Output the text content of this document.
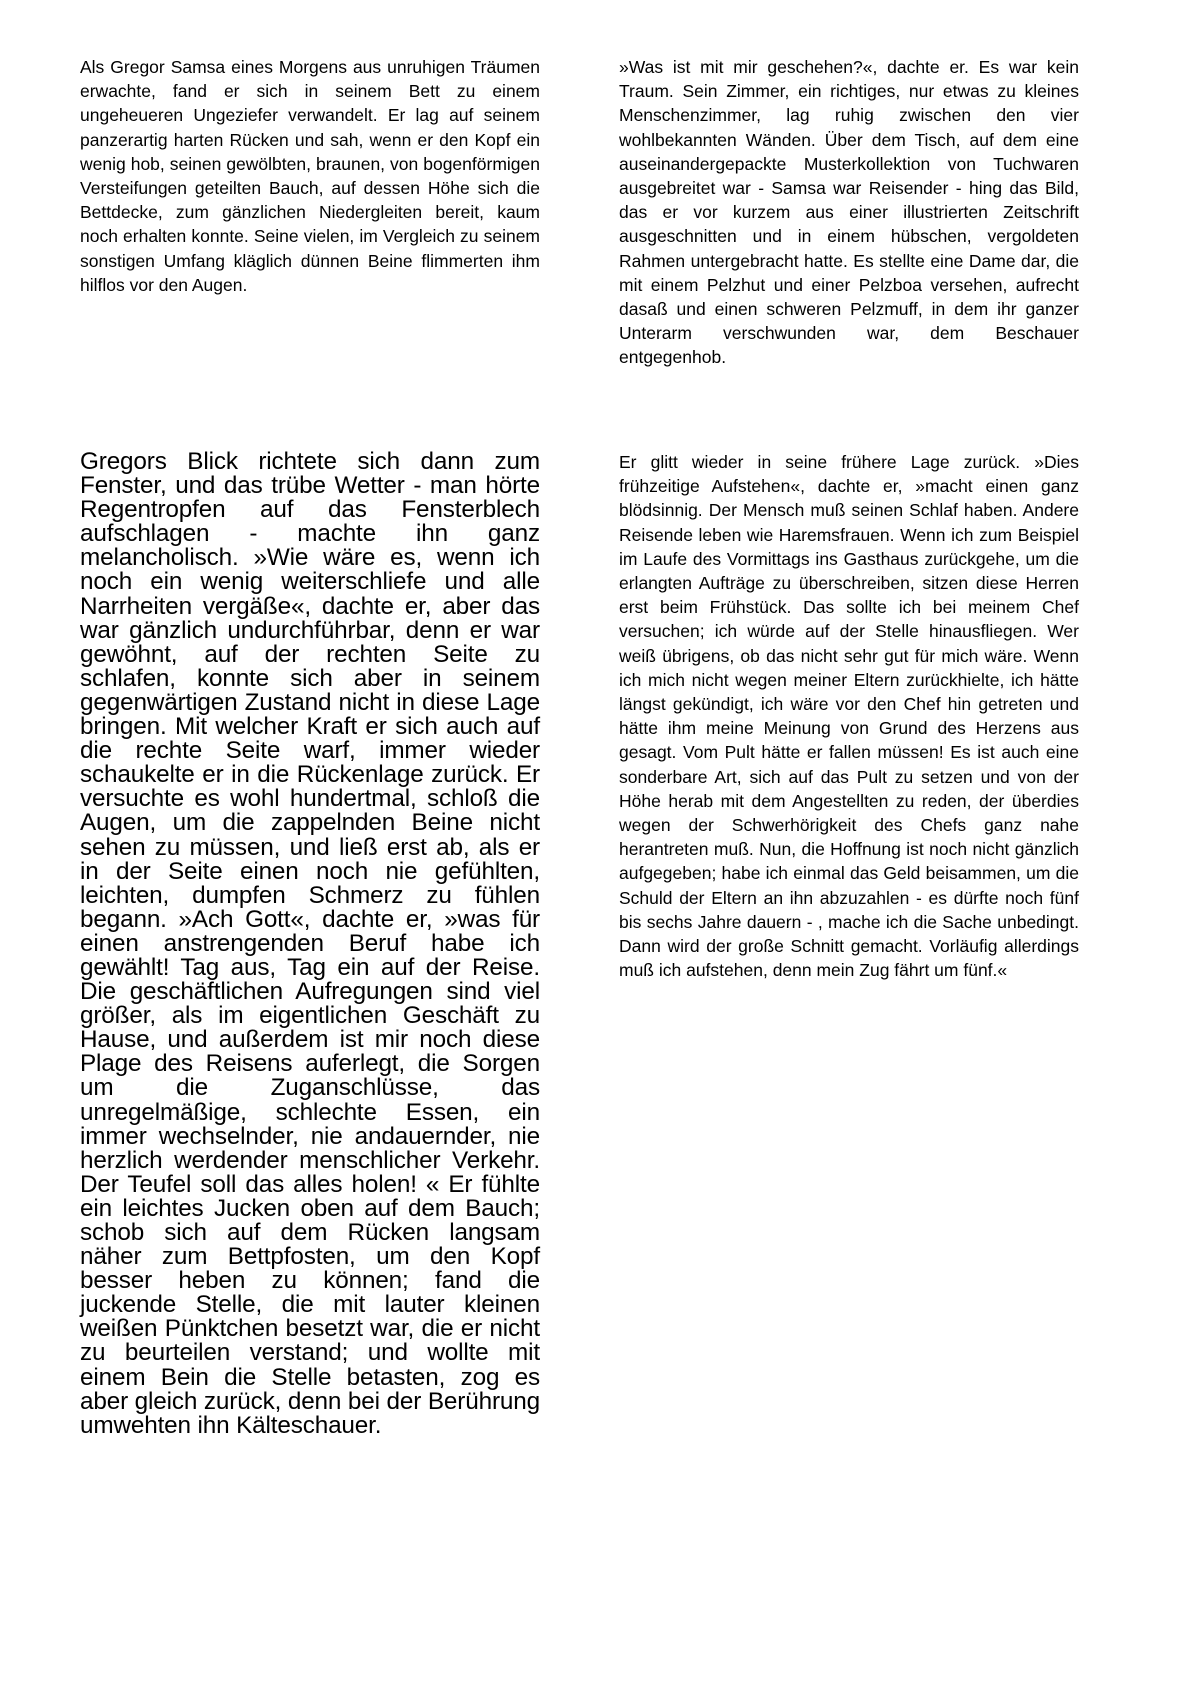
Als Gregor Samsa eines Morgens aus unruhigen Träumen erwachte, fand er sich in seinem Bett zu einem ungeheueren Ungeziefer verwandelt. Er lag auf seinem panzerartig harten Rücken und sah, wenn er den Kopf ein wenig hob, seinen gewölbten, braunen, von bogenförmigen Versteifungen geteilten Bauch, auf dessen Höhe sich die Bettdecke, zum gänzlichen Niedergleiten bereit, kaum noch erhalten konnte. Seine vielen, im Vergleich zu seinem sonstigen Umfang kläglich dünnen Beine flimmerten ihm hilflos vor den Augen.

»Was ist mit mir geschehen?«, dachte er. Es war kein Traum. Sein Zimmer, ein richtiges, nur etwas zu kleines Menschenzimmer, lag ruhig zwischen den vier wohlbekannten Wänden. Über dem Tisch, auf dem eine auseinandergepackte Musterkollektion von Tuchwaren ausgebreitet war - Samsa war Reisender - hing das Bild, das er vor kurzem aus einer illustrierten Zeitschrift ausgeschnitten und in einem hübschen, vergoldeten Rahmen untergebracht hatte. Es stellte eine Dame dar, die mit einem Pelzhut und einer Pelzboa versehen, aufrecht dasaß und einen schweren Pelzmuff, in dem ihr ganzer Unterarm verschwunden war, dem Beschauer entgegenhob.

Gregors Blick richtete sich dann zum Fenster, und das trübe Wetter - man hörte Regentropfen auf das Fensterblech aufschlagen - machte ihn ganz melancholisch. »Wie wäre es, wenn ich noch ein wenig weiterschliefe und alle Narrheiten vergäße«, dachte er, aber das war gänzlich undurchführbar, denn er war gewöhnt, auf der rechten Seite zu schlafen, konnte sich aber in seinem gegenwärtigen Zustand nicht in diese Lage bringen. Mit welcher Kraft er sich auch auf die rechte Seite warf, immer wieder schaukelte er in die Rückenlage zurück. Er versuchte es wohl hundertmal, schloß die Augen, um die zappelnden Beine nicht sehen zu müssen, und ließ erst ab, als er in der Seite einen noch nie gefühlten, leichten, dumpfen Schmerz zu fühlen begann. »Ach Gott«, dachte er, »was für einen anstrengenden Beruf habe ich gewählt! Tag aus, Tag ein auf der Reise. Die geschäftlichen Aufregungen sind viel größer, als im eigentlichen Geschäft zu Hause, und außerdem ist mir noch diese Plage des Reisens auferlegt, die Sorgen um die Zuganschlüsse, das unregelmäßige, schlechte Essen, ein immer wechselnder, nie andauernder, nie herzlich werdender menschlicher Verkehr. Der Teufel soll das alles holen! « Er fühlte ein leichtes Jucken oben auf dem Bauch; schob sich auf dem Rücken langsam näher zum Bettpfosten, um den Kopf besser heben zu können; fand die juckende Stelle, die mit lauter kleinen weißen Pünktchen besetzt war, die er nicht zu beurteilen verstand; und wollte mit einem Bein die Stelle betasten, zog es aber gleich zurück, denn bei der Berührung umwehten ihn Kälteschauer.

Er glitt wieder in seine frühere Lage zurück. »Dies frühzeitige Aufstehen«, dachte er, »macht einen ganz blödsinnig. Der Mensch muß seinen Schlaf haben. Andere Reisende leben wie Haremsfrauen. Wenn ich zum Beispiel im Laufe des Vormittags ins Gasthaus zurückgehe, um die erlangten Aufträge zu überschreiben, sitzen diese Herren erst beim Frühstück. Das sollte ich bei meinem Chef versuchen; ich würde auf der Stelle hinausfliegen. Wer weiß übrigens, ob das nicht sehr gut für mich wäre. Wenn ich mich nicht wegen meiner Eltern zurückhielte, ich hätte längst gekündigt, ich wäre vor den Chef hin getreten und hätte ihm meine Meinung von Grund des Herzens aus gesagt. Vom Pult hätte er fallen müssen! Es ist auch eine sonderbare Art, sich auf das Pult zu setzen und von der Höhe herab mit dem Angestellten zu reden, der überdies wegen der Schwerhörigkeit des Chefs ganz nahe herantreten muß. Nun, die Hoffnung ist noch nicht gänzlich aufgegeben; habe ich einmal das Geld beisammen, um die Schuld der Eltern an ihn abzuzahlen - es dürfte noch fünf bis sechs Jahre dauern - , mache ich die Sache unbedingt. Dann wird der große Schnitt gemacht. Vorläufig allerdings muß ich aufstehen, denn mein Zug fährt um fünf.«
